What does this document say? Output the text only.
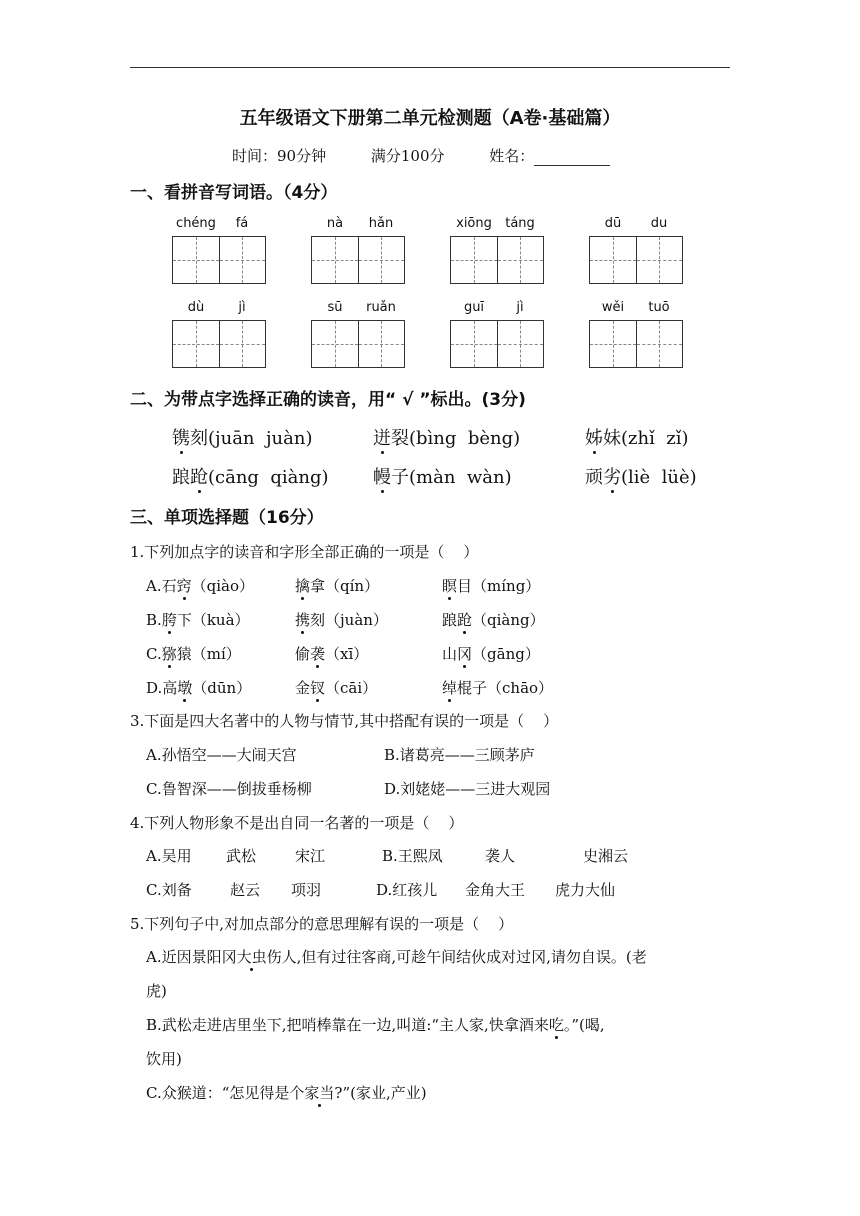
五年级语文下册第二单元检测题（A卷·基础篇）
时间：90分钟	满分100分	姓名：
一、看拼音写词语。（4分）
chéng	fá	nà	hǎn	xiōng	táng	dū	du
dù	jì	sū	ruǎn	guī	jì	wěi	tuō
二、为带点字选择正确的读音，用“ √ ”标出。(3分)
镌刻(juān  juàn)	迸裂(bìng  bèng)	姊妹(zhǐ  zǐ)
踉跄(cāng  qiàng) 幔子(màn  wàn)	顽劣(liè  lüè)
三、单项选择题（16分）
1.下列加点字的读音和字形全部正确的一项是（    ）
A.石窍（qiào）	擒拿（qín）	瞑目（míng）
B.胯下（kuà）	携刻（juàn）	踉跄（qiàng）
C.猕猿（mí）	偷袭（xī）	山冈（gāng）
D.高墩（dūn）	金钗（cāi）	绰棍子（chāo）
3.下面是四大名著中的人物与情节,其中搭配有误的一项是（    ）
A.孙悟空——大闹天宫	B.诸葛亮——三顾茅庐
C.鲁智深——倒拔垂杨柳	D.刘姥姥——三进大观园
4.下列人物形象不是出自同一名著的一项是（    ）
A.吴用 武松	宋江	B.王熙凤	袭人	史湘云
C.刘备	赵云 项羽	D.红孩儿 金角大王 虎力大仙
5.下列句子中,对加点部分的意思理解有误的一项是（    ）
A.近因景阳冈大虫伤人,但有过往客商,可趁午间结伙成对过冈,请勿自误。(老
虎)
B.武松走进店里坐下,把哨棒靠在一边,叫道:“主人家,快拿酒来吃。”(喝,
饮用)
C.众猴道：“怎见得是个家当?”(家业,产业)
